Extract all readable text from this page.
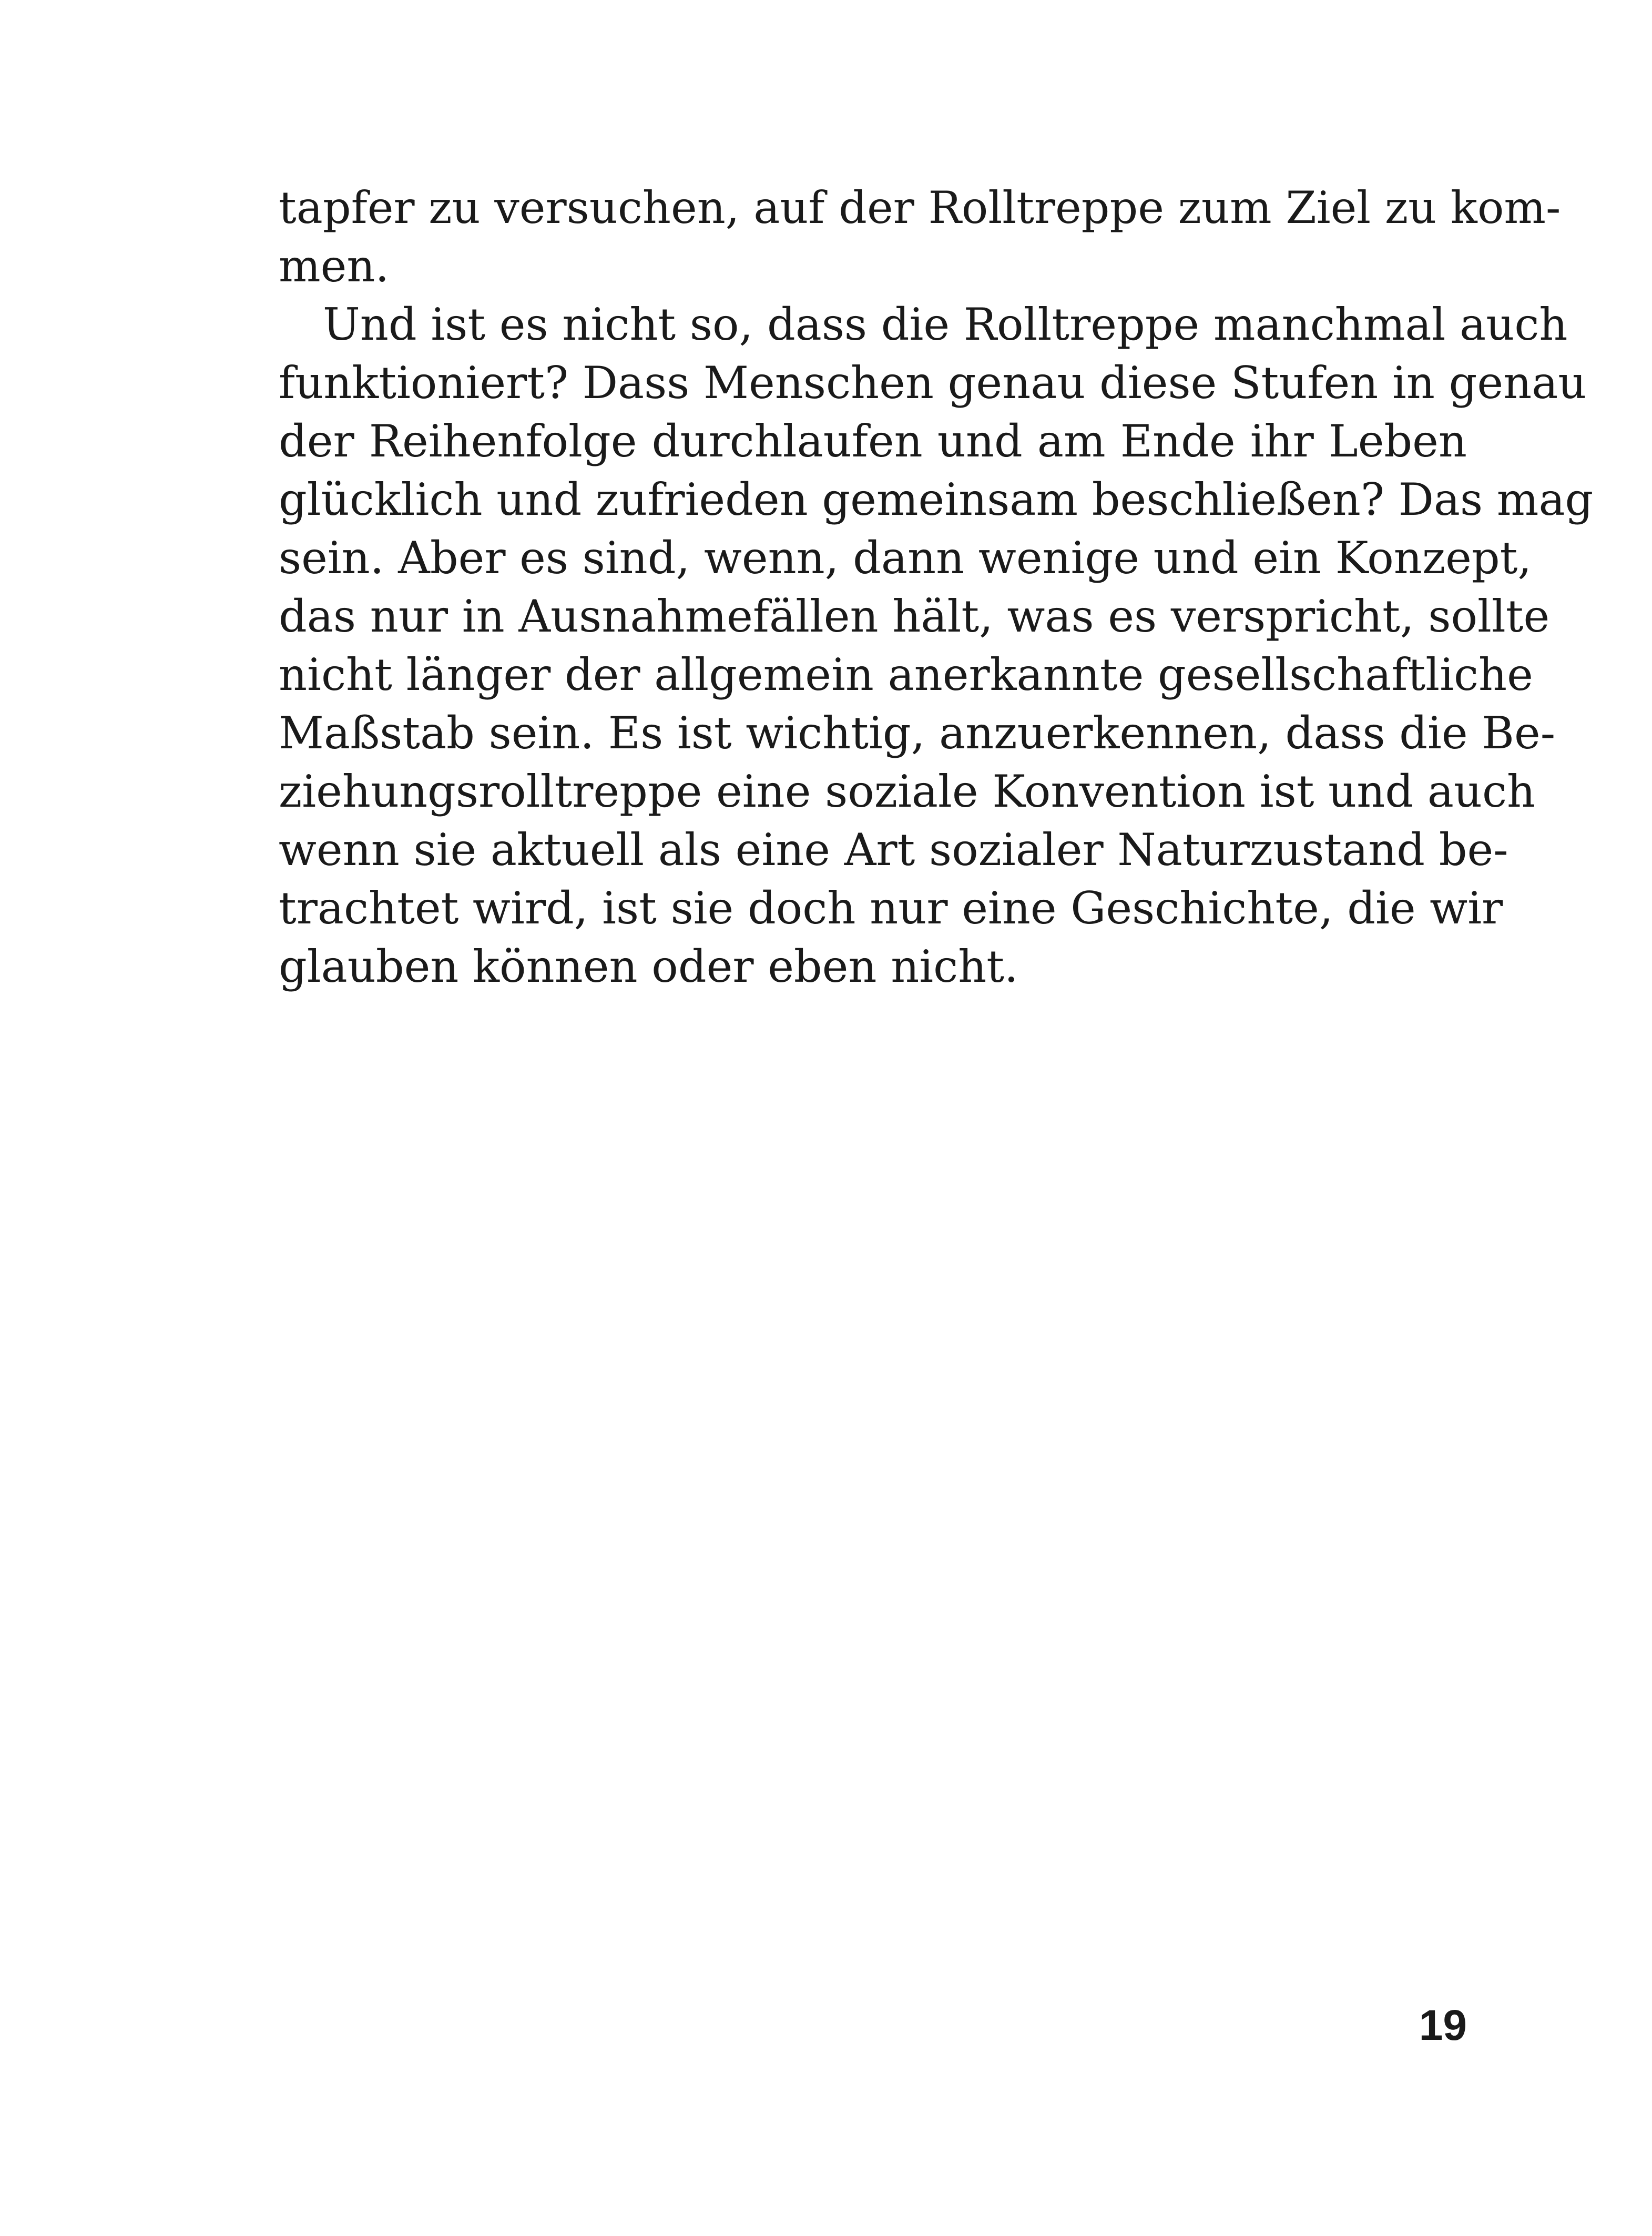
tapfer zu versuchen, auf der Rolltreppe zum Ziel zu kom-
men.
Und ist es nicht so, dass die Rolltreppe manchmal auch
funktioniert? Dass Menschen genau diese Stufen in genau
der Reihenfolge durchlaufen und am Ende ihr Leben
glücklich und zufrieden gemeinsam beschließen? Das mag
sein. Aber es sind, wenn, dann wenige und ein Konzept,
das nur in Ausnahmefällen hält, was es verspricht, sollte
nicht länger der allgemein anerkannte gesellschaftliche
Maßstab sein. Es ist wichtig, anzuerkennen, dass die Be-
ziehungsrolltreppe eine soziale Konvention ist und auch
wenn sie aktuell als eine Art sozialer Naturzustand be-
trachtet wird, ist sie doch nur eine Geschichte, die wir
glauben können oder eben nicht.
19
